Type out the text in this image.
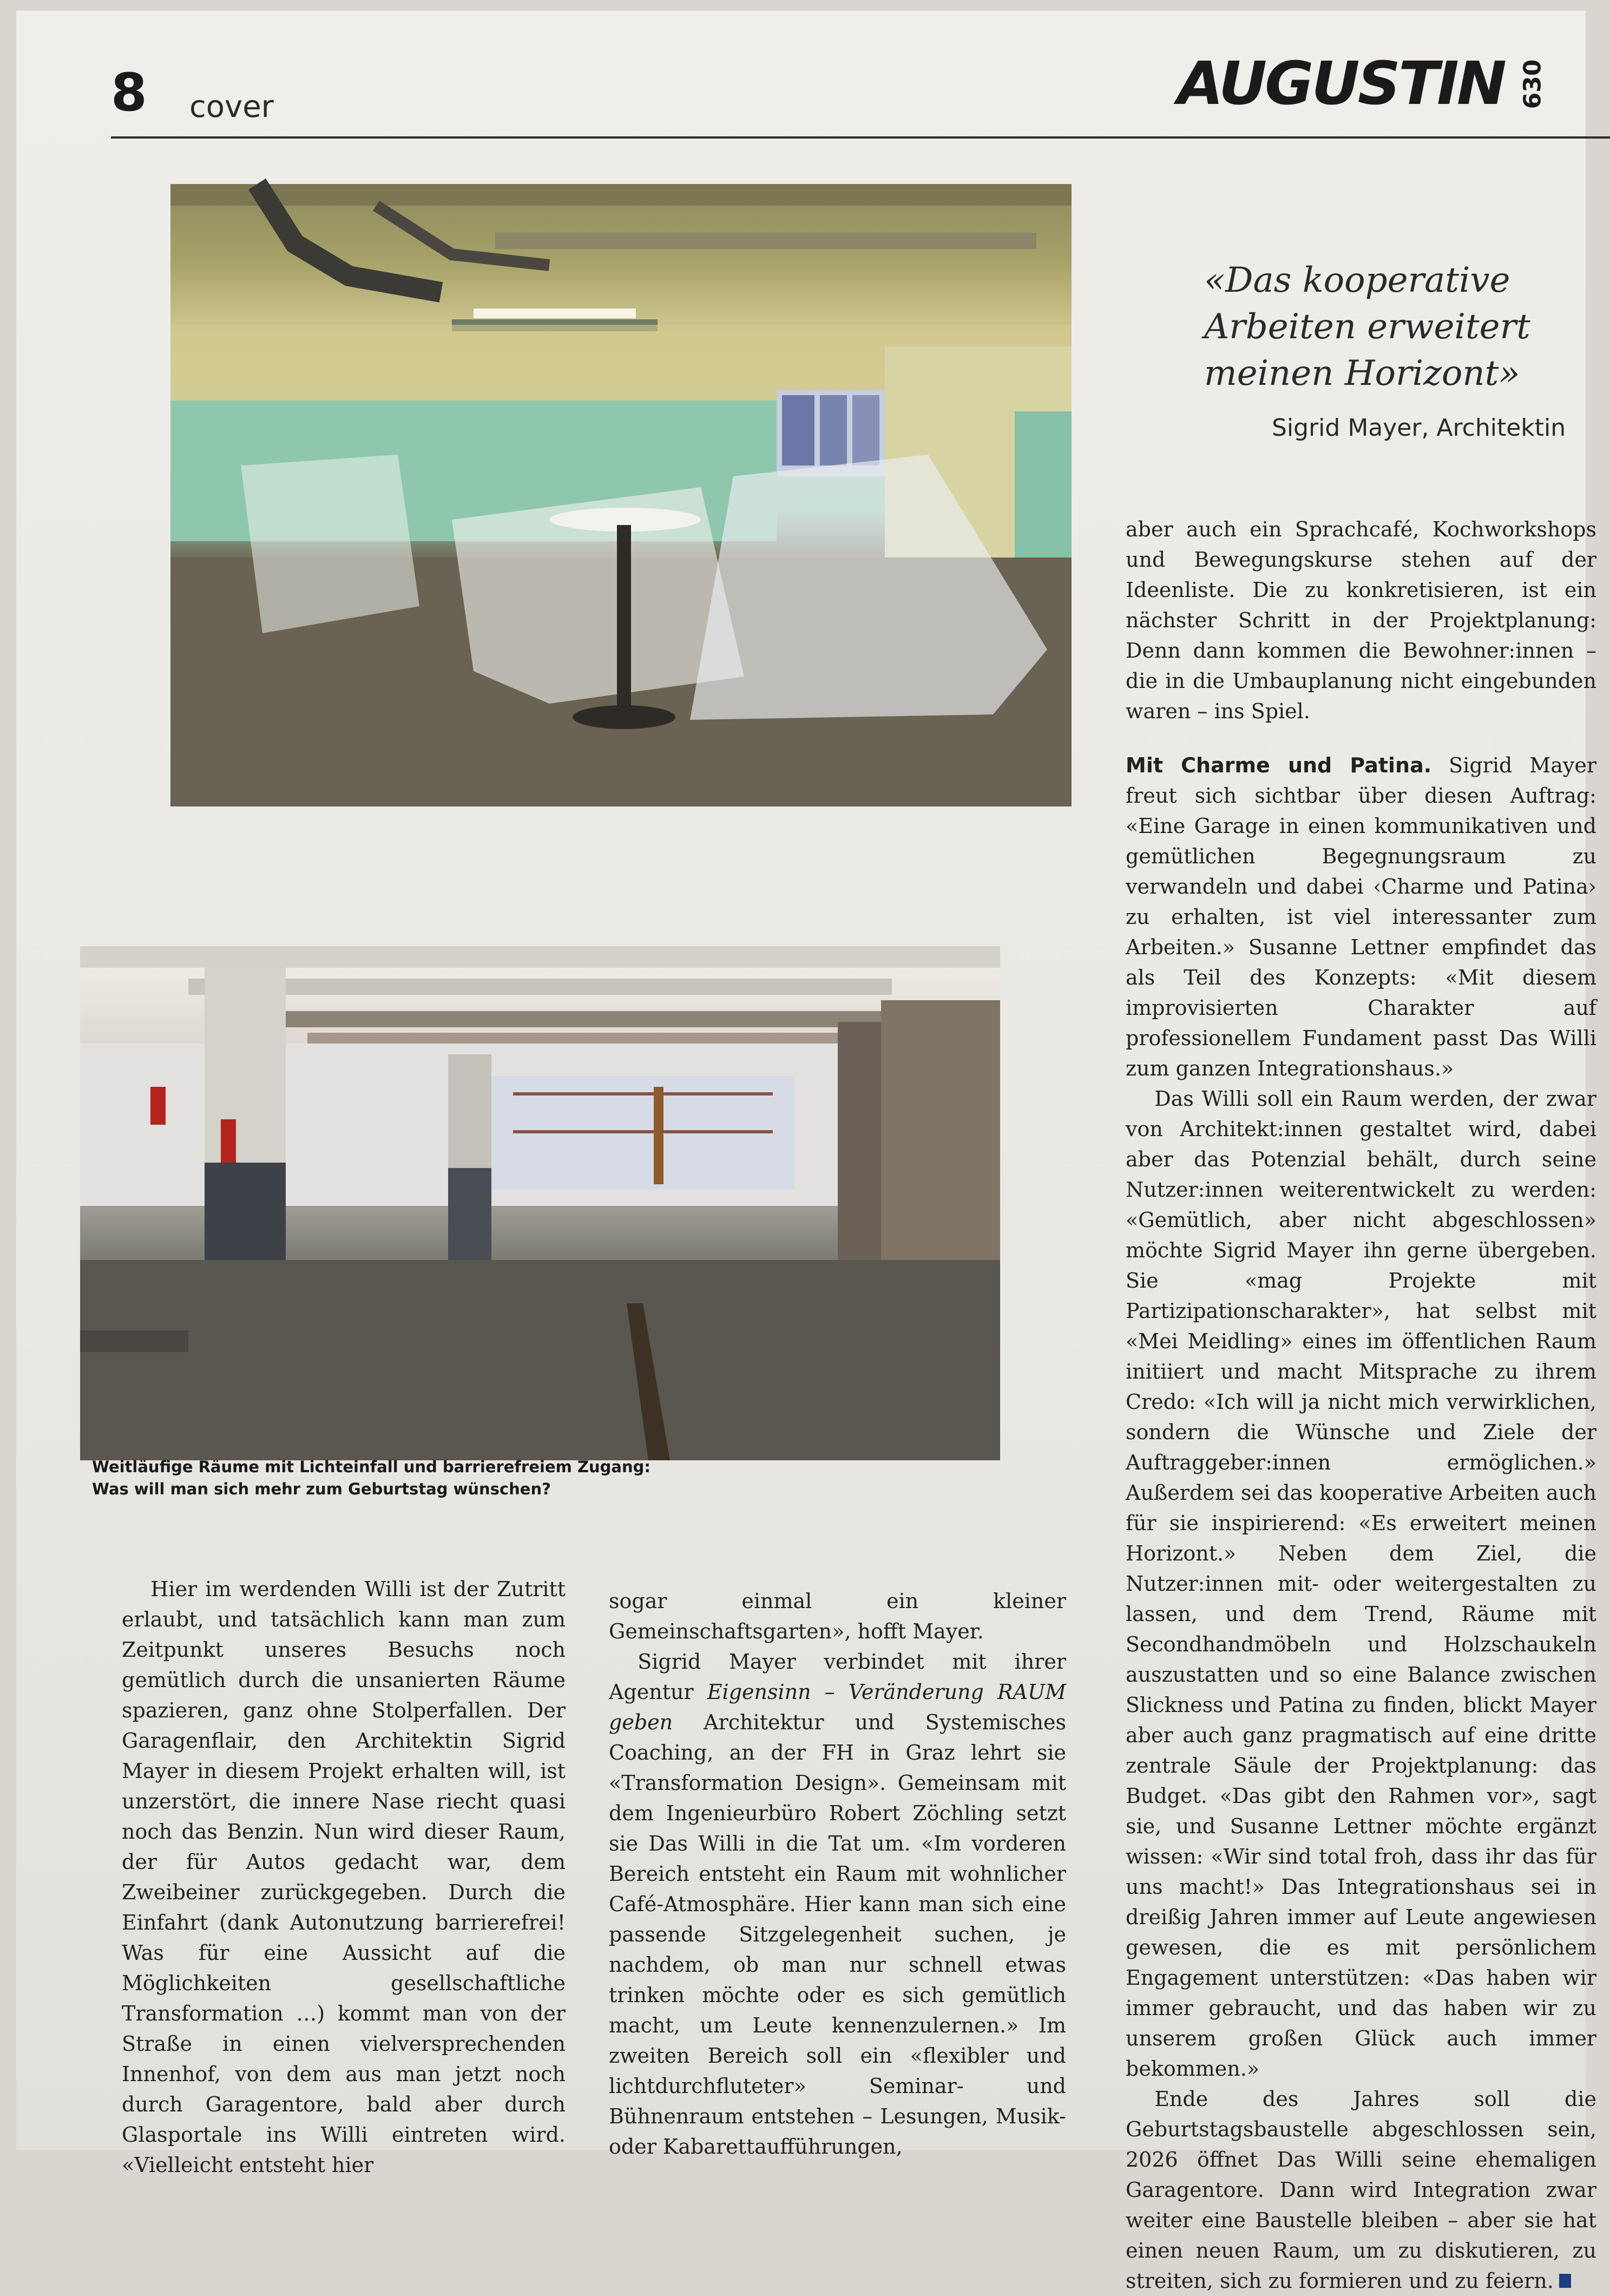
8 cover	AUGUSTIN 630
Weitläufige Räume mit Lichteinfall und barrierefreiem Zugang:
Was will man sich mehr zum Geburtstag wünschen?
«Das kooperative Arbeiten erweitert meinen Horizont»
Sigrid Mayer, Architektin

aber auch ein Sprachcafé, Kochworkshops und Bewegungskurse stehen auf der Ideenliste. Die zu konkretisieren, ist ein nächster Schritt in der Projektplanung: Denn dann kommen die Bewohner:innen – die in die Umbauplanung nicht eingebunden waren – ins Spiel.

Mit Charme und Patina. Sigrid Mayer freut sich sichtbar über diesen Auftrag: «Eine Garage in einen kommunikativen und gemütlichen Begegnungsraum zu verwandeln und dabei ‹Charme und Patina› zu erhalten, ist viel interessanter zum Arbeiten.» Susanne Lettner empfindet das als Teil des Konzepts: «Mit diesem improvisierten Charakter auf professionellem Fundament passt Das Willi zum ganzen Integrationshaus.»

Das Willi soll ein Raum werden, der zwar von Architekt:innen gestaltet wird, dabei aber das Potenzial behält, durch seine Nutzer:innen weiterentwickelt zu werden: «Gemütlich, aber nicht abgeschlossen» möchte Sigrid Mayer ihn gerne übergeben. Sie «mag Projekte mit Partizipationscharakter», hat selbst mit «Mei Meidling» eines im öffentlichen Raum initiiert und macht Mitsprache zu ihrem Credo: «Ich will ja nicht mich verwirklichen, sondern die Wünsche und Ziele der Auftraggeber:innen ermöglichen.» Außerdem sei das kooperative Arbeiten auch für sie inspirierend: «Es erweitert meinen Horizont.» Neben dem Ziel, die Nutzer:innen mit- oder weitergestalten zu lassen, und dem Trend, Räume mit Secondhandmöbeln und Holzschaukeln auszustatten und so eine Balance zwischen Slickness und Patina zu finden, blickt Mayer aber auch ganz pragmatisch auf eine dritte zentrale Säule der Projektplanung: das Budget. «Das gibt den Rahmen vor», sagt sie, und Susanne Lettner möchte ergänzt wissen: «Wir sind total froh, dass ihr das für uns macht!» Das Integrationshaus sei in dreißig Jahren immer auf Leute angewiesen gewesen, die es mit persönlichem Engagement unterstützen: «Das haben wir immer gebraucht, und das haben wir zu unserem großen Glück auch immer bekommen.»

Ende des Jahres soll die Geburtstagsbaustelle abgeschlossen sein, 2026 öffnet Das Willi seine ehemaligen Garagentore. Dann wird Integration zwar weiter eine Baustelle bleiben – aber sie hat einen neuen Raum, um zu diskutieren, zu streiten, sich zu formieren und zu feiern.

Hier im werdenden Willi ist der Zutritt erlaubt, und tatsächlich kann man zum Zeitpunkt unseres Besuchs noch gemütlich durch die unsanierten Räume spazieren, ganz ohne Stolperfallen. Der Garagenflair, den Architektin Sigrid Mayer in diesem Projekt erhalten will, ist unzerstört, die innere Nase riecht quasi noch das Benzin. Nun wird dieser Raum, der für Autos gedacht war, dem Zweibeiner zurückgegeben. Durch die Einfahrt (dank Autonutzung barrierefrei! Was für eine Aussicht auf die Möglichkeiten gesellschaftliche Transformation …) kommt man von der Straße in einen vielversprechenden Innenhof, von dem aus man jetzt noch durch Garagentore, bald aber durch Glasportale ins Willi eintreten wird. «Vielleicht entsteht hier

sogar einmal ein kleiner Gemeinschaftsgarten», hofft Mayer.

Sigrid Mayer verbindet mit ihrer Agentur Eigensinn – Veränderung RAUM geben Architektur und Systemisches Coaching, an der FH in Graz lehrt sie «Transformation Design». Gemeinsam mit dem Ingenieurbüro Robert Zöchling setzt sie Das Willi in die Tat um. «Im vorderen Bereich entsteht ein Raum mit wohnlicher Café-Atmosphäre. Hier kann man sich eine passende Sitzgelegenheit suchen, je nachdem, ob man nur schnell etwas trinken möchte oder es sich gemütlich macht, um Leute kennenzulernen.» Im zweiten Bereich soll ein «flexibler und lichtdurchfluteter» Seminar- und Bühnenraum entstehen – Lesungen, Musik- oder Kabarettaufführungen,
